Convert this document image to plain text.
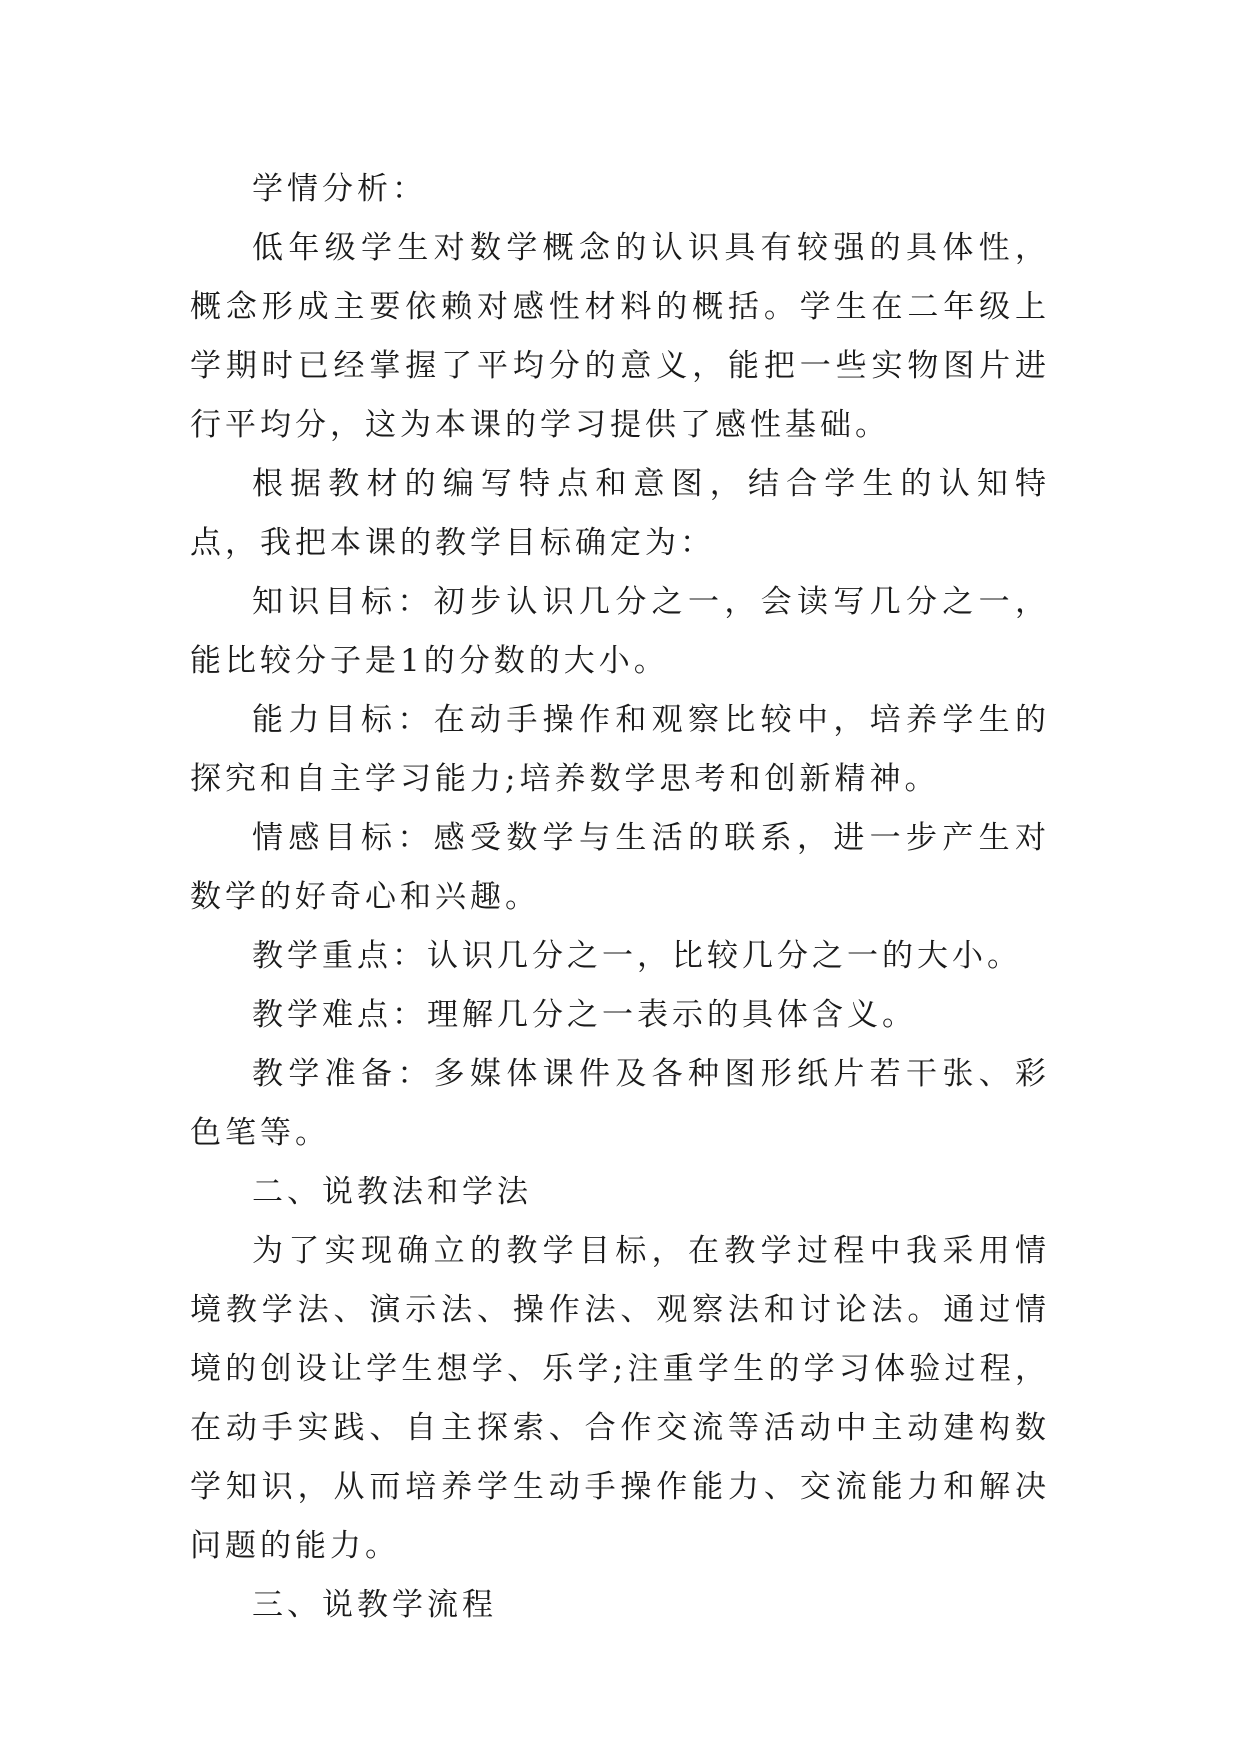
学情分析：

低年级学生对数学概念的认识具有较强的具体性，概念形成主要依赖对感性材料的概括。学生在二年级上学期时已经掌握了平均分的意义，能把一些实物图片进行平均分，这为本课的学习提供了感性基础。

根据教材的编写特点和意图，结合学生的认知特点，我把本课的教学目标确定为：

知识目标：初步认识几分之一，会读写几分之一，能比较分子是1的分数的大小。

能力目标：在动手操作和观察比较中，培养学生的探究和自主学习能力;培养数学思考和创新精神。

情感目标：感受数学与生活的联系，进一步产生对数学的好奇心和兴趣。

教学重点：认识几分之一，比较几分之一的大小。

教学难点：理解几分之一表示的具体含义。

教学准备：多媒体课件及各种图形纸片若干张、彩色笔等。

二、说教法和学法

为了实现确立的教学目标，在教学过程中我采用情境教学法、演示法、操作法、观察法和讨论法。通过情境的创设让学生想学、乐学;注重学生的学习体验过程，在动手实践、自主探索、合作交流等活动中主动建构数学知识，从而培养学生动手操作能力、交流能力和解决问题的能力。

三、说教学流程
